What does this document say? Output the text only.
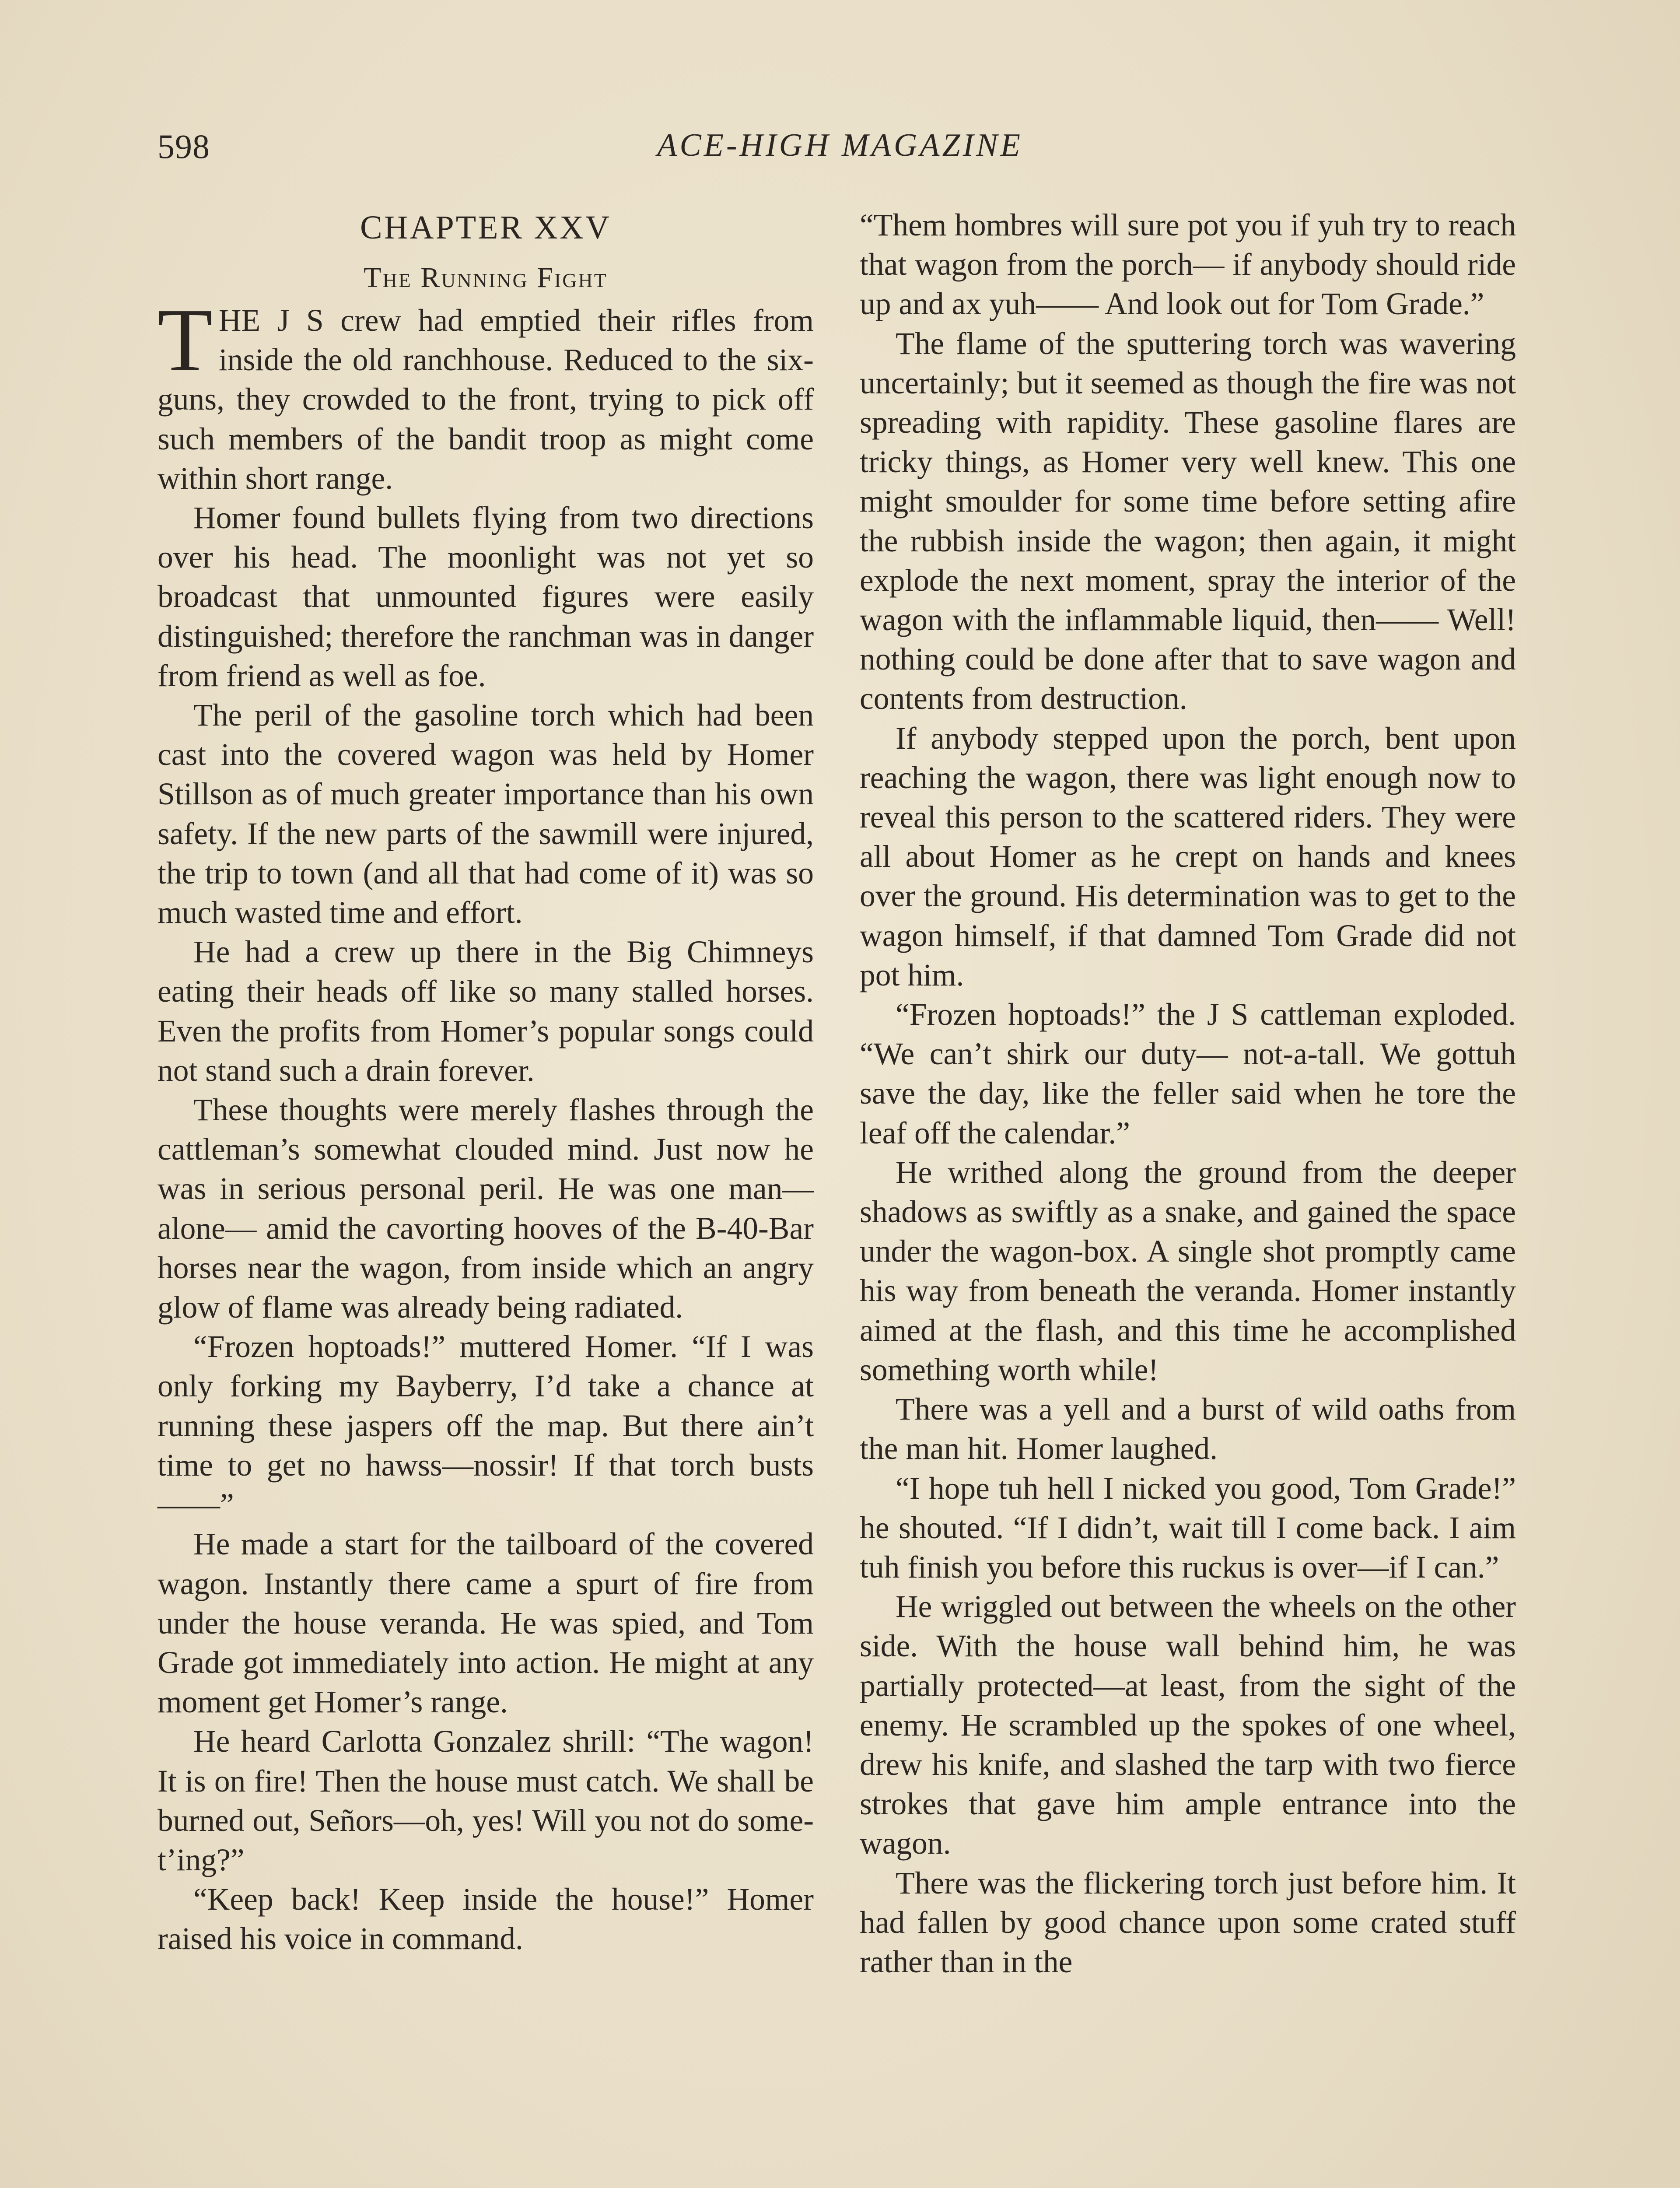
598	ACE-HIGH MAGAZINE
CHAPTER XXV
The Running Fight

THE J S crew had emptied their rifles from inside the old ranchhouse. Reduced to the six-guns, they crowded to the front, trying to pick off such members of the bandit troop as might come within short range.

Homer found bullets flying from two directions over his head. The moonlight was not yet so broadcast that unmounted figures were easily distinguished; therefore the ranchman was in danger from friend as well as foe.

The peril of the gasoline torch which had been cast into the covered wagon was held by Homer Stillson as of much greater importance than his own safety. If the new parts of the sawmill were injured, the trip to town (and all that had come of it) was so much wasted time and effort.

He had a crew up there in the Big Chimneys eating their heads off like so many stalled horses. Even the profits from Homer’s popular songs could not stand such a drain forever.

These thoughts were merely flashes through the cattleman’s somewhat clouded mind. Just now he was in serious personal peril. He was one man—alone— amid the cavorting hooves of the B-40-Bar horses near the wagon, from inside which an angry glow of flame was already being radiated.

“Frozen hoptoads!” muttered Homer. “If I was only forking my Bayberry, I’d take a chance at running these jaspers off the map. But there ain’t time to get no hawss—nossir! If that torch busts——”

He made a start for the tailboard of the covered wagon. Instantly there came a spurt of fire from under the house veranda. He was spied, and Tom Grade got immediately into action. He might at any moment get Homer’s range.

He heard Carlotta Gonzalez shrill: “The wagon! It is on fire! Then the house must catch. We shall be burned out, Señors—oh, yes! Will you not do somet’ing?”

“Keep back! Keep inside the house!” Homer raised his voice in command.

“Them hombres will sure pot you if yuh try to reach that wagon from the porch— if anybody should ride up and ax yuh—— And look out for Tom Grade.”

The flame of the sputtering torch was wavering uncertainly; but it seemed as though the fire was not spreading with rapidity. These gasoline flares are tricky things, as Homer very well knew. This one might smoulder for some time before setting afire the rubbish inside the wagon; then again, it might explode the next moment, spray the interior of the wagon with the inflammable liquid, then—— Well! nothing could be done after that to save wagon and contents from destruction.

If anybody stepped upon the porch, bent upon reaching the wagon, there was light enough now to reveal this person to the scattered riders. They were all about Homer as he crept on hands and knees over the ground. His determination was to get to the wagon himself, if that damned Tom Grade did not pot him.

“Frozen hoptoads!” the J S cattleman exploded. “We can’t shirk our duty— not-a-tall. We gottuh save the day, like the feller said when he tore the leaf off the calendar.”

He writhed along the ground from the deeper shadows as swiftly as a snake, and gained the space under the wagon-box. A single shot promptly came his way from beneath the veranda. Homer instantly aimed at the flash, and this time he accomplished something worth while!

There was a yell and a burst of wild oaths from the man hit. Homer laughed.

“I hope tuh hell I nicked you good, Tom Grade!” he shouted. “If I didn’t, wait till I come back. I aim tuh finish you before this ruckus is over—if I can.”

He wriggled out between the wheels on the other side. With the house wall behind him, he was partially protected—at least, from the sight of the enemy. He scrambled up the spokes of one wheel, drew his knife, and slashed the tarp with two fierce strokes that gave him ample entrance into the wagon.

There was the flickering torch just before him. It had fallen by good chance upon some crated stuff rather than in the
